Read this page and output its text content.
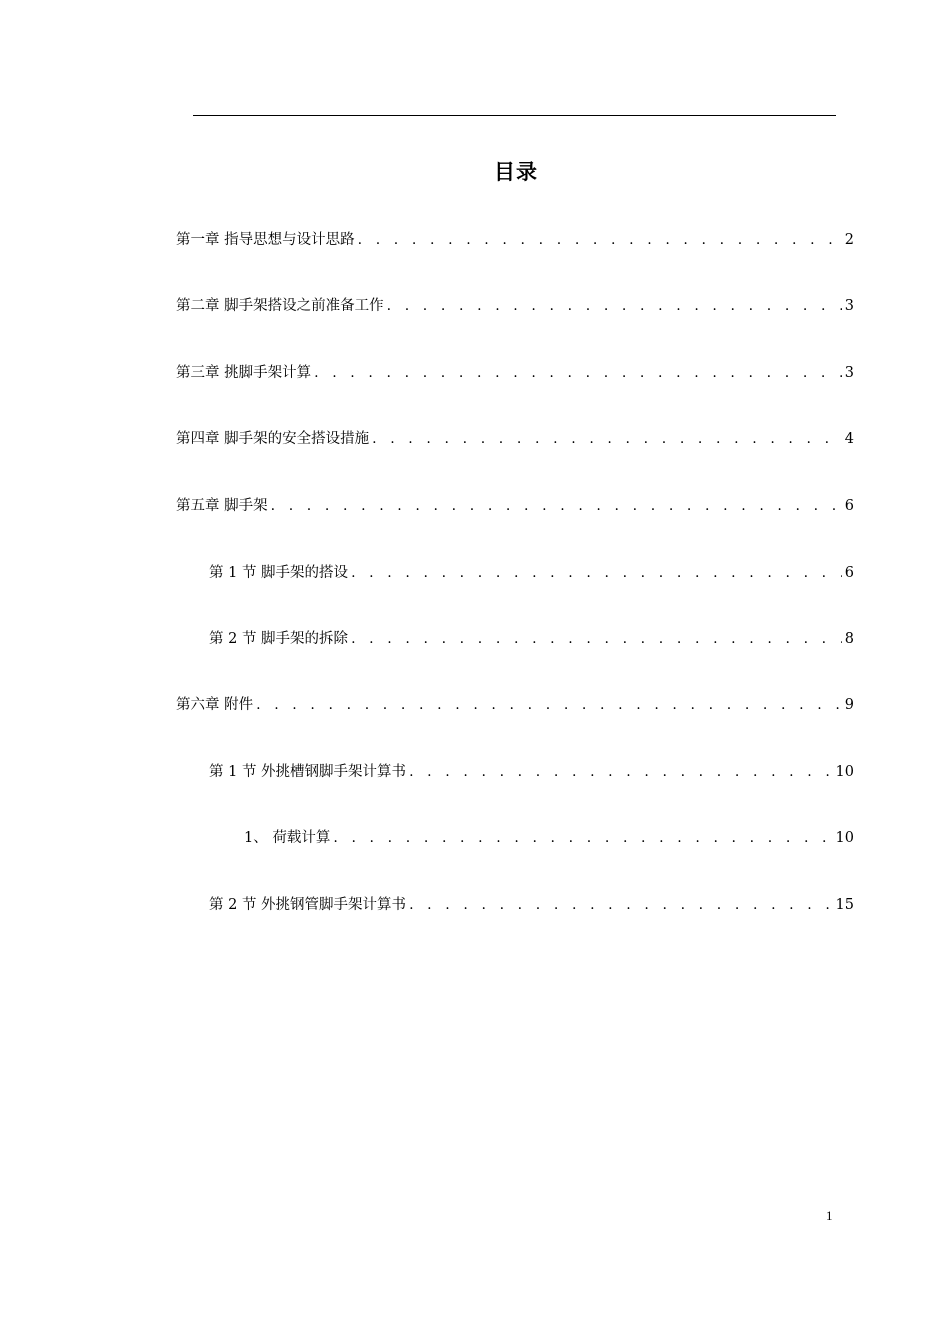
目录
第一章 指导思想与设计思路 . . .	2
第二章 脚手架搭设之前准备工作 . . .	3
第三章 挑脚手架计算 . . .	3
第四章 脚手架的安全搭设措施 . . .	4
第五章 脚手架 . . .	6
第 1 节 脚手架的搭设 . . .	6
第 2 节 脚手架的拆除 . . .	8
第六章 附件 . . .	9
第 1 节 外挑槽钢脚手架计算书 . . .	10
1、 荷载计算 . . .	10
第 2 节 外挑钢管脚手架计算书 . . .	15
1
